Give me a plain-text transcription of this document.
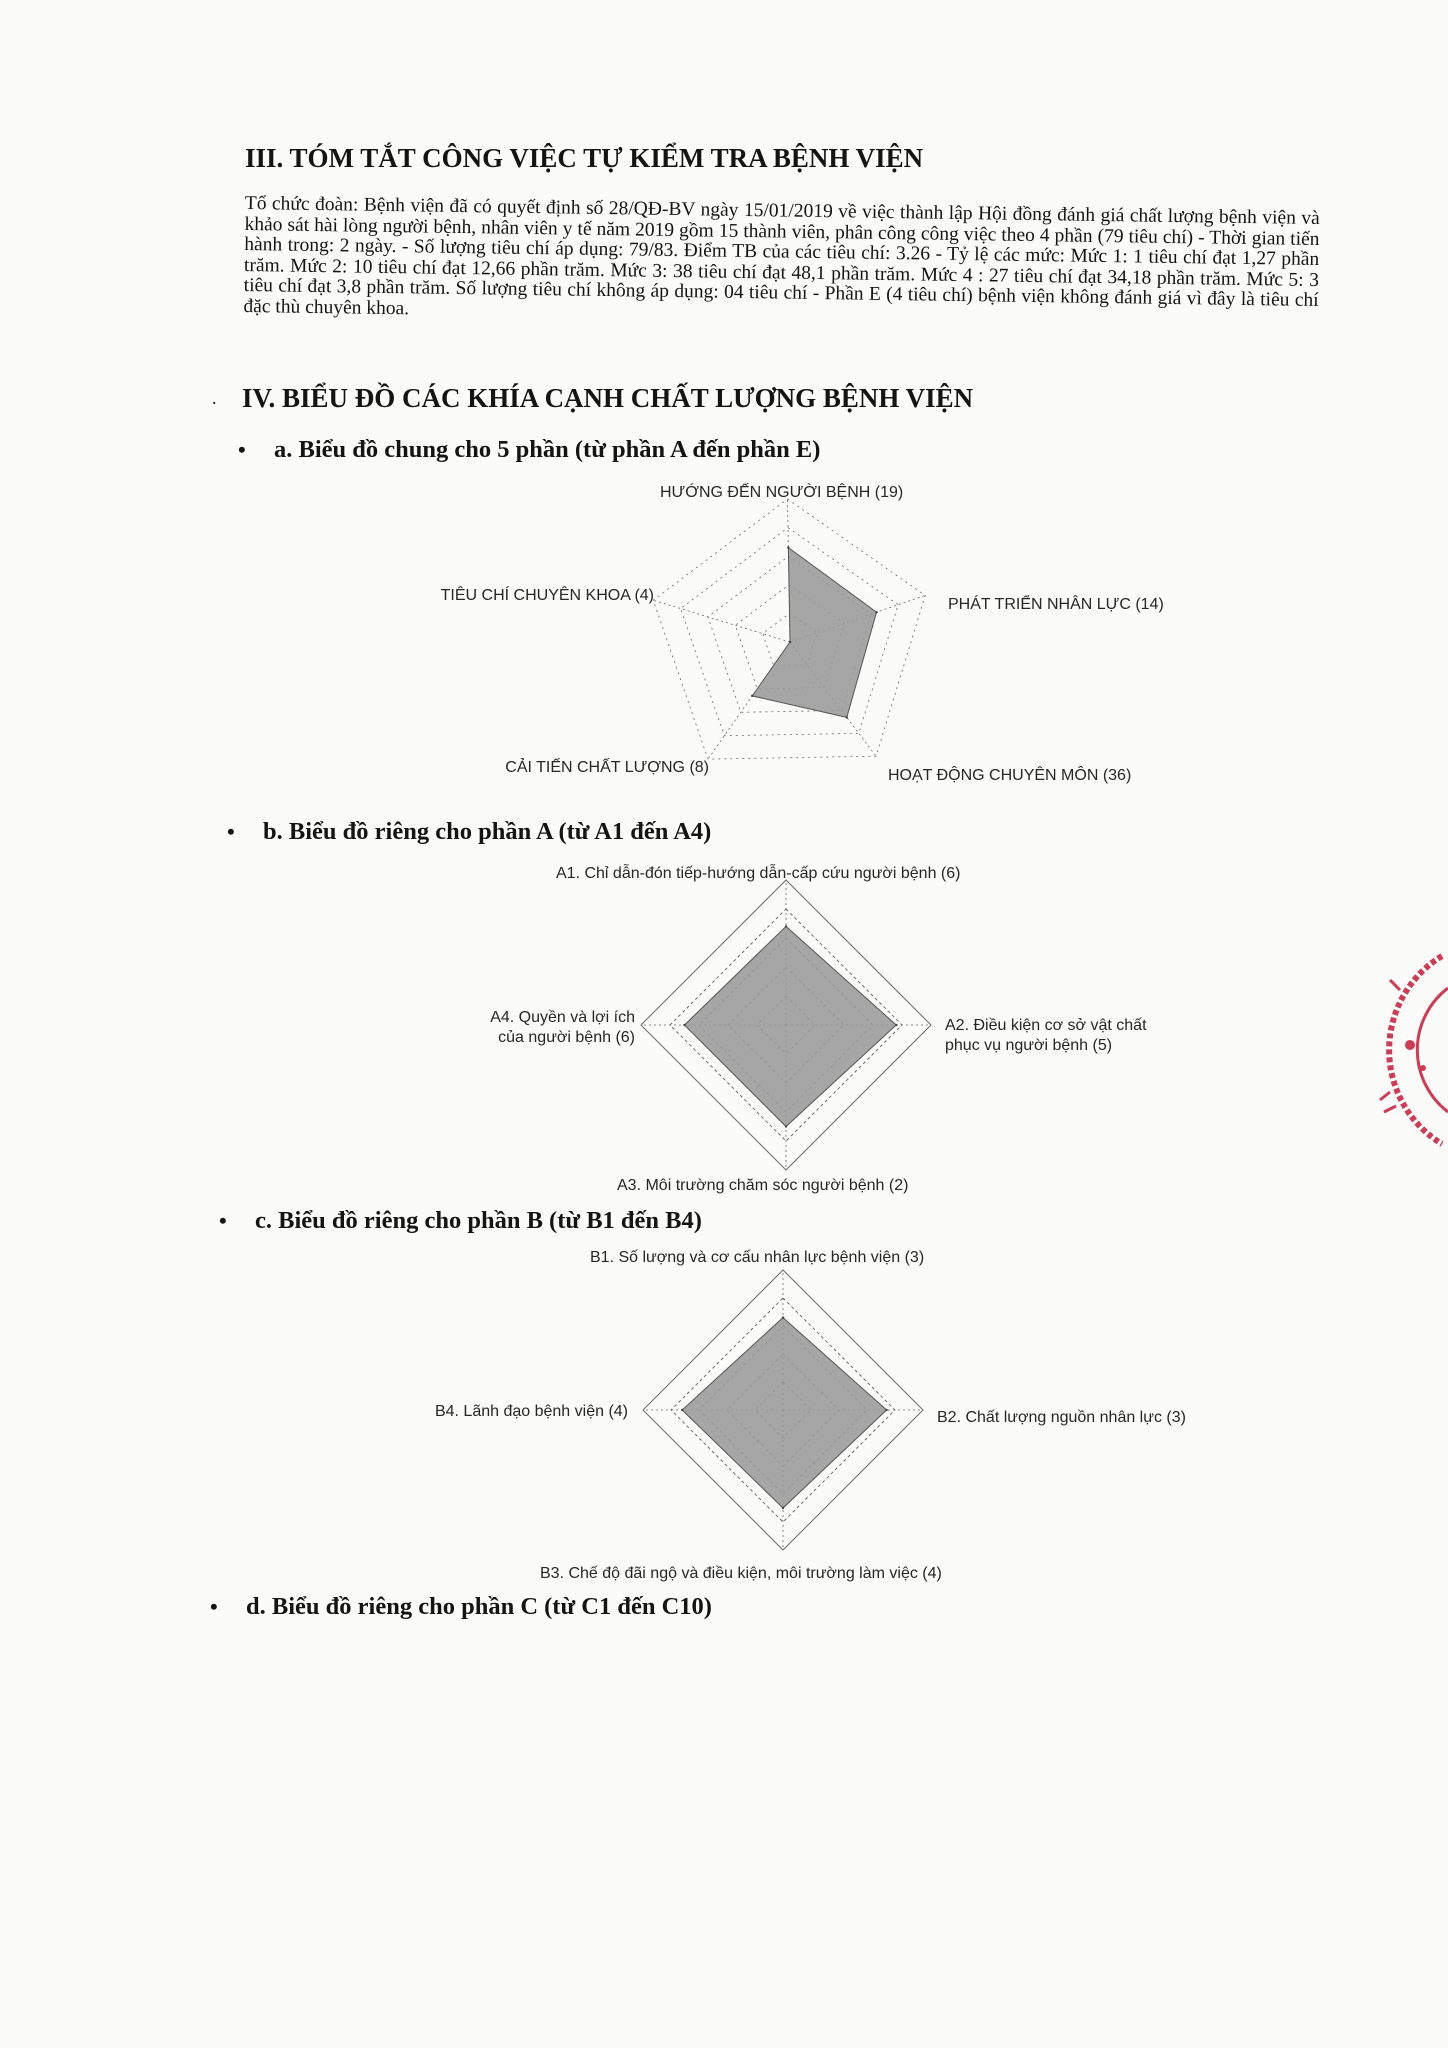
III. TÓM TẮT CÔNG VIỆC TỰ KIỂM TRA BỆNH VIỆN

Tổ chức đoàn: Bệnh viện đã có quyết định số 28/QĐ-BV ngày 15/01/2019 về việc thành lập Hội đồng đánh giá chất lượng bệnh viện và khảo sát hài lòng người bệnh, nhân viên y tế năm 2019 gồm 15 thành viên, phân công công việc theo 4 phần (79 tiêu chí) - Thời gian tiến hành trong: 2 ngày. - Số lượng tiêu chí áp dụng: 79/83. Điểm TB của các tiêu chí: 3.26 - Tỷ lệ các mức: Mức 1: 1 tiêu chí đạt 1,27 phần trăm. Mức 2: 10 tiêu chí đạt 12,66 phần trăm. Mức 3: 38 tiêu chí đạt 48,1 phần trăm. Mức 4 : 27 tiêu chí đạt 34,18 phần trăm. Mức 5: 3 tiêu chí đạt 3,8 phần trăm. Số lượng tiêu chí không áp dụng: 04 tiêu chí - Phần E (4 tiêu chí) bệnh viện không đánh giá vì đây là tiêu chí đặc thù chuyên khoa.

. IV. BIỂU ĐỒ CÁC KHÍA CẠNH CHẤT LƯỢNG BỆNH VIỆN
• a. Biểu đồ chung cho 5 phần (từ phần A đến phần E)
• b. Biểu đồ riêng cho phần A (từ A1 đến A4)
• c. Biểu đồ riêng cho phần B (từ B1 đến B4)
• d. Biểu đồ riêng cho phần C (từ C1 đến C10)
HƯỚNG ĐẾN NGƯỜI BỆNH (19)
PHÁT TRIỂN NHÂN LỰC (14)
HOẠT ĐỘNG CHUYÊN MÔN (36)
CẢI TIẾN CHẤT LƯỢNG (8)
TIÊU CHÍ CHUYÊN KHOA (4)
A1. Chỉ dẫn-đón tiếp-hướng dẫn-cấp cứu người bệnh (6)
A2. Điều kiện cơ sở vật chất phục vụ người bệnh (5)
A3. Môi trường chăm sóc người bệnh (2)
A4. Quyền và lợi ích của người bệnh (6)
B1. Số lượng và cơ cấu nhân lực bệnh viện (3)
B2. Chất lượng nguồn nhân lực (3)
B3. Chế độ đãi ngộ và điều kiện, môi trường làm việc (4)
B4. Lãnh đạo bệnh viện (4)
